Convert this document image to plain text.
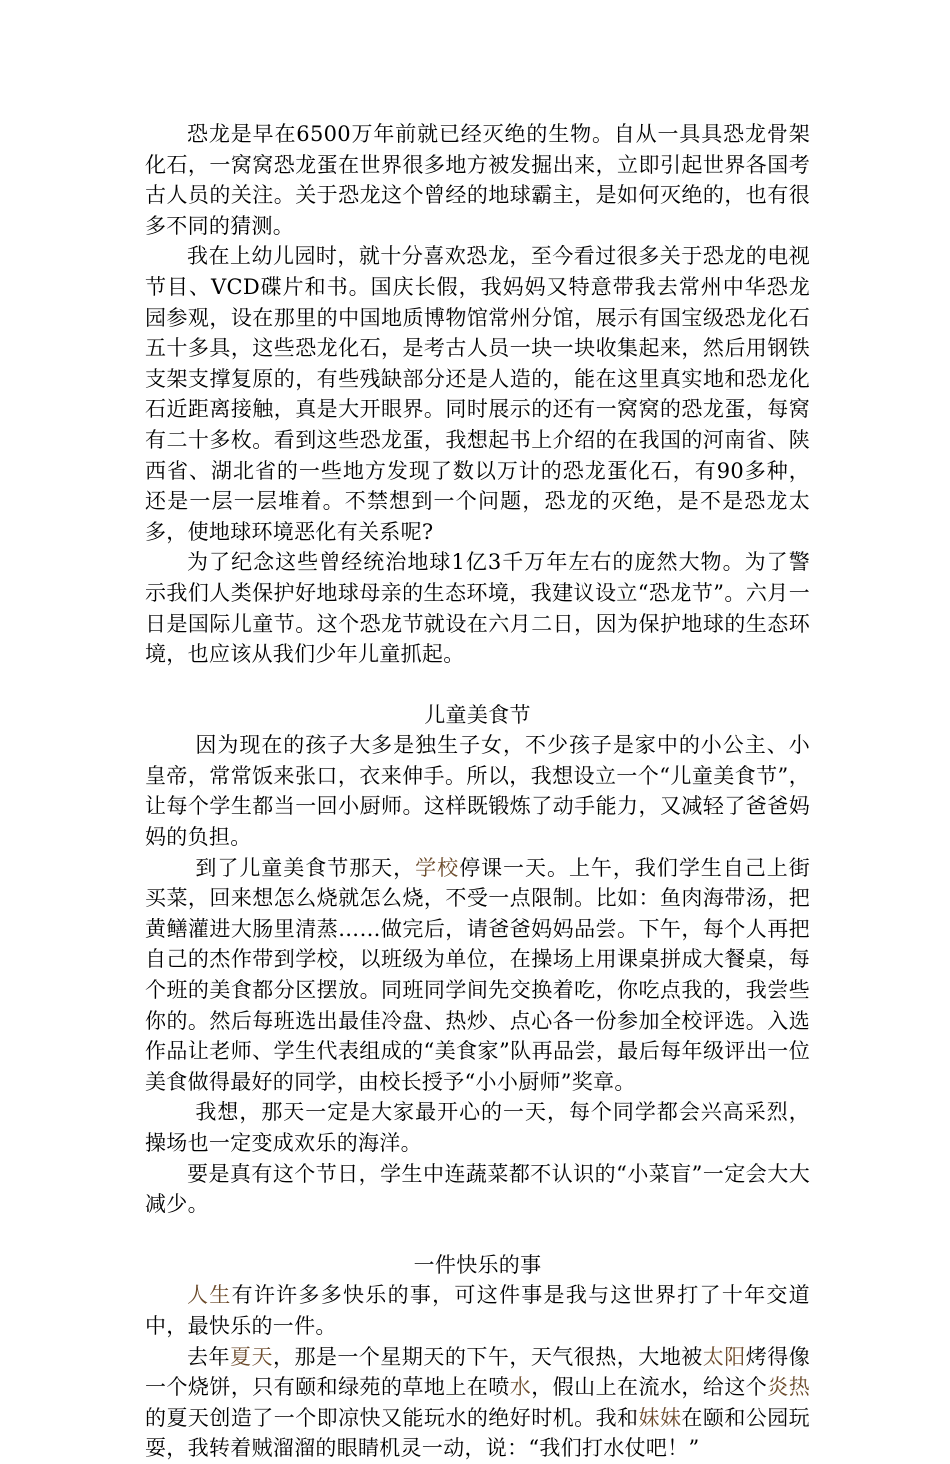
恐龙是早在6500万年前就已经灭绝的生物。自从一具具恐龙骨架化石，一窝窝恐龙蛋在世界很多地方被发掘出来，立即引起世界各国考古人员的关注。关于恐龙这个曾经的地球霸主，是如何灭绝的，也有很多不同的猜测。

我在上幼儿园时，就十分喜欢恐龙，至今看过很多关于恐龙的电视节目、VCD碟片和书。国庆长假，我妈妈又特意带我去常州中华恐龙园参观，设在那里的中国地质博物馆常州分馆，展示有国宝级恐龙化石五十多具，这些恐龙化石，是考古人员一块一块收集起来，然后用钢铁支架支撑复原的，有些残缺部分还是人造的，能在这里真实地和恐龙化石近距离接触，真是大开眼界。同时展示的还有一窝窝的恐龙蛋，每窝有二十多枚。看到这些恐龙蛋，我想起书上介绍的在我国的河南省、陕西省、湖北省的一些地方发现了数以万计的恐龙蛋化石，有90多种，还是一层一层堆着。不禁想到一个问题，恐龙的灭绝，是不是恐龙太多，使地球环境恶化有关系呢?

为了纪念这些曾经统治地球1亿3千万年左右的庞然大物。为了警示我们人类保护好地球母亲的生态环境，我建议设立“恐龙节”。六月一日是国际儿童节。这个恐龙节就设在六月二日，因为保护地球的生态环境，也应该从我们少年儿童抓起。

儿童美食节

因为现在的孩子大多是独生子女，不少孩子是家中的小公主、小皇帝，常常饭来张口，衣来伸手。所以，我想设立一个“儿童美食节”，让每个学生都当一回小厨师。这样既锻炼了动手能力，又减轻了爸爸妈妈的负担。

到了儿童美食节那天，学校停课一天。上午，我们学生自己上街买菜，回来想怎么烧就怎么烧，不受一点限制。比如：鱼肉海带汤，把黄鳝灌进大肠里清蒸……做完后，请爸爸妈妈品尝。下午，每个人再把自己的杰作带到学校，以班级为单位，在操场上用课桌拼成大餐桌，每个班的美食都分区摆放。同班同学间先交换着吃，你吃点我的，我尝些你的。然后每班选出最佳冷盘、热炒、点心各一份参加全校评选。入选作品让老师、学生代表组成的“美食家”队再品尝，最后每年级评出一位美食做得最好的同学，由校长授予“小小厨师”奖章。

我想，那天一定是大家最开心的一天，每个同学都会兴高采烈，操场也一定变成欢乐的海洋。

要是真有这个节日，学生中连蔬菜都不认识的“小菜盲”一定会大大减少。

一件快乐的事

人生有许许多多快乐的事，可这件事是我与这世界打了十年交道中，最快乐的一件。

去年夏天，那是一个星期天的下午，天气很热，大地被太阳烤得像一个烧饼，只有颐和绿苑的草地上在喷水，假山上在流水，给这个炎热的夏天创造了一个即凉快又能玩水的绝好时机。我和妹妹在颐和公园玩耍，我转着贼溜溜的眼睛机灵一动，说：“我们打水仗吧！”
